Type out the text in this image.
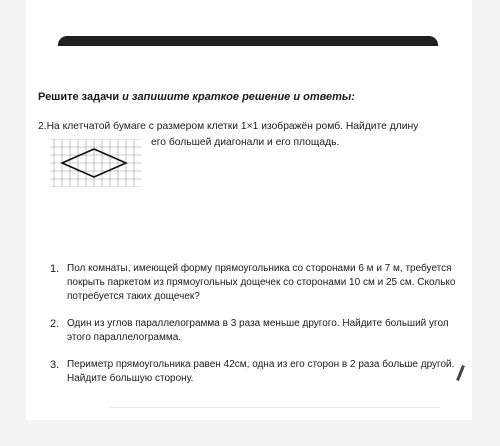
Решите задачи и запишите краткое решение и ответы:
2.На клетчатой бумаге с размером клетки 1×1 изображён ромб. Найдите длину
его большей диагонали и его площадь.
1. Пол комнаты, имеющей форму прямоугольника со сторонами 6 м и 7 м, требуется покрыть паркетом из прямоугольных дощечек со сторонами 10 см и 25 см. Сколько потребуется таких дощечек?
2. Один из углов параллелограмма в 3 раза меньше другого. Найдите больший угол этого параллелограмма.
3. Периметр прямоугольника равен 42см, одна из его сторон в 2 раза больше другой. Найдите большую сторону.
